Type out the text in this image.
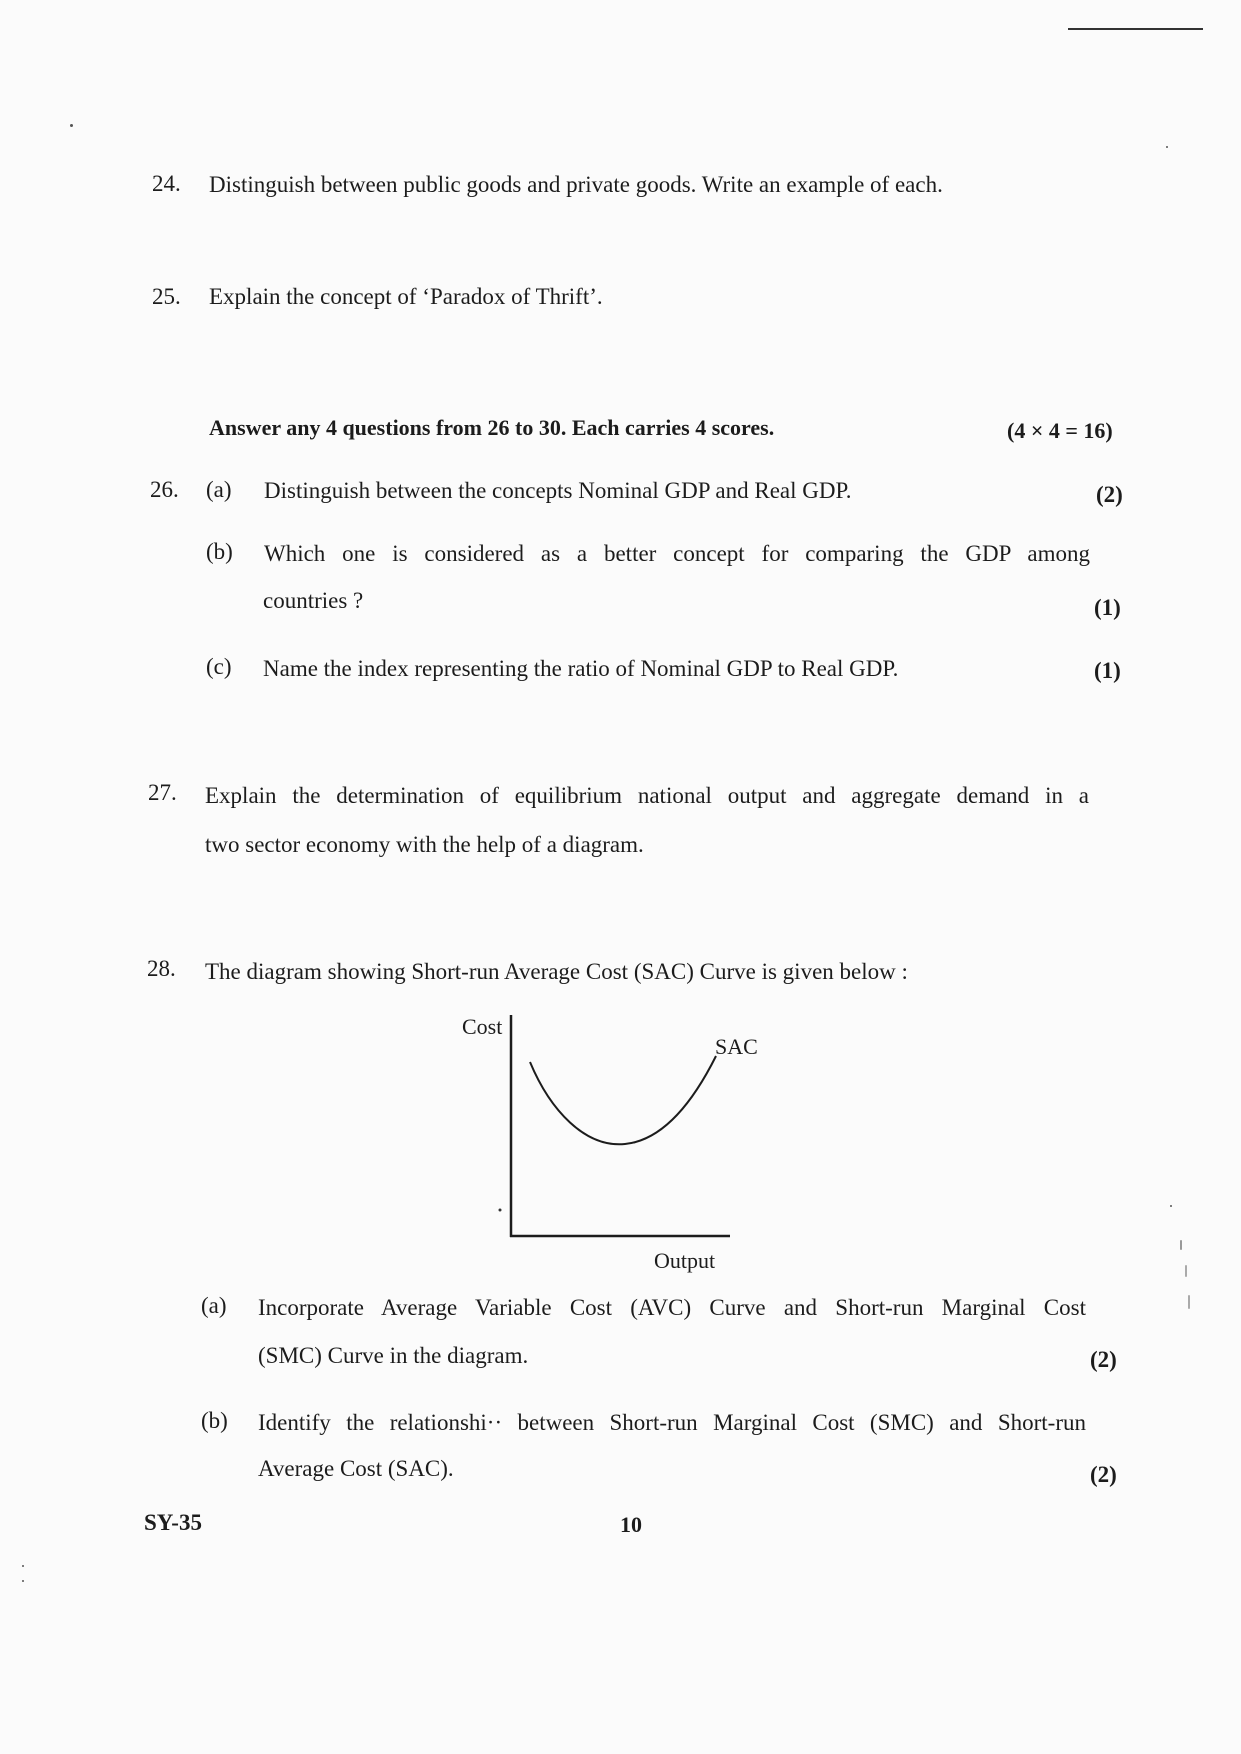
24. Distinguish between public goods and private goods. Write an example of each.
25. Explain the concept of ‘Paradox of Thrift’.
Answer any 4 questions from 26 to 30. Each carries 4 scores.	(4 × 4 = 16)
26. (a) Distinguish between the concepts Nominal GDP and Real GDP.	(2)
(b) Which one is considered as a better concept for comparing the GDP among
countries ?	(1)
(c) Name the index representing the ratio of Nominal GDP to Real GDP.	(1)
27. Explain the determination of equilibrium national output and aggregate demand in a
two sector economy with the help of a diagram.
28. The diagram showing Short-run Average Cost (SAC) Curve is given below :
Cost
SAC
Output
(a) Incorporate Average Variable Cost (AVC) Curve and Short-run Marginal Cost
(SMC) Curve in the diagram.	(2)
(b) Identify the relationshi·· between Short-run Marginal Cost (SMC) and Short-run
Average Cost (SAC).	(2)
SY-35	10
